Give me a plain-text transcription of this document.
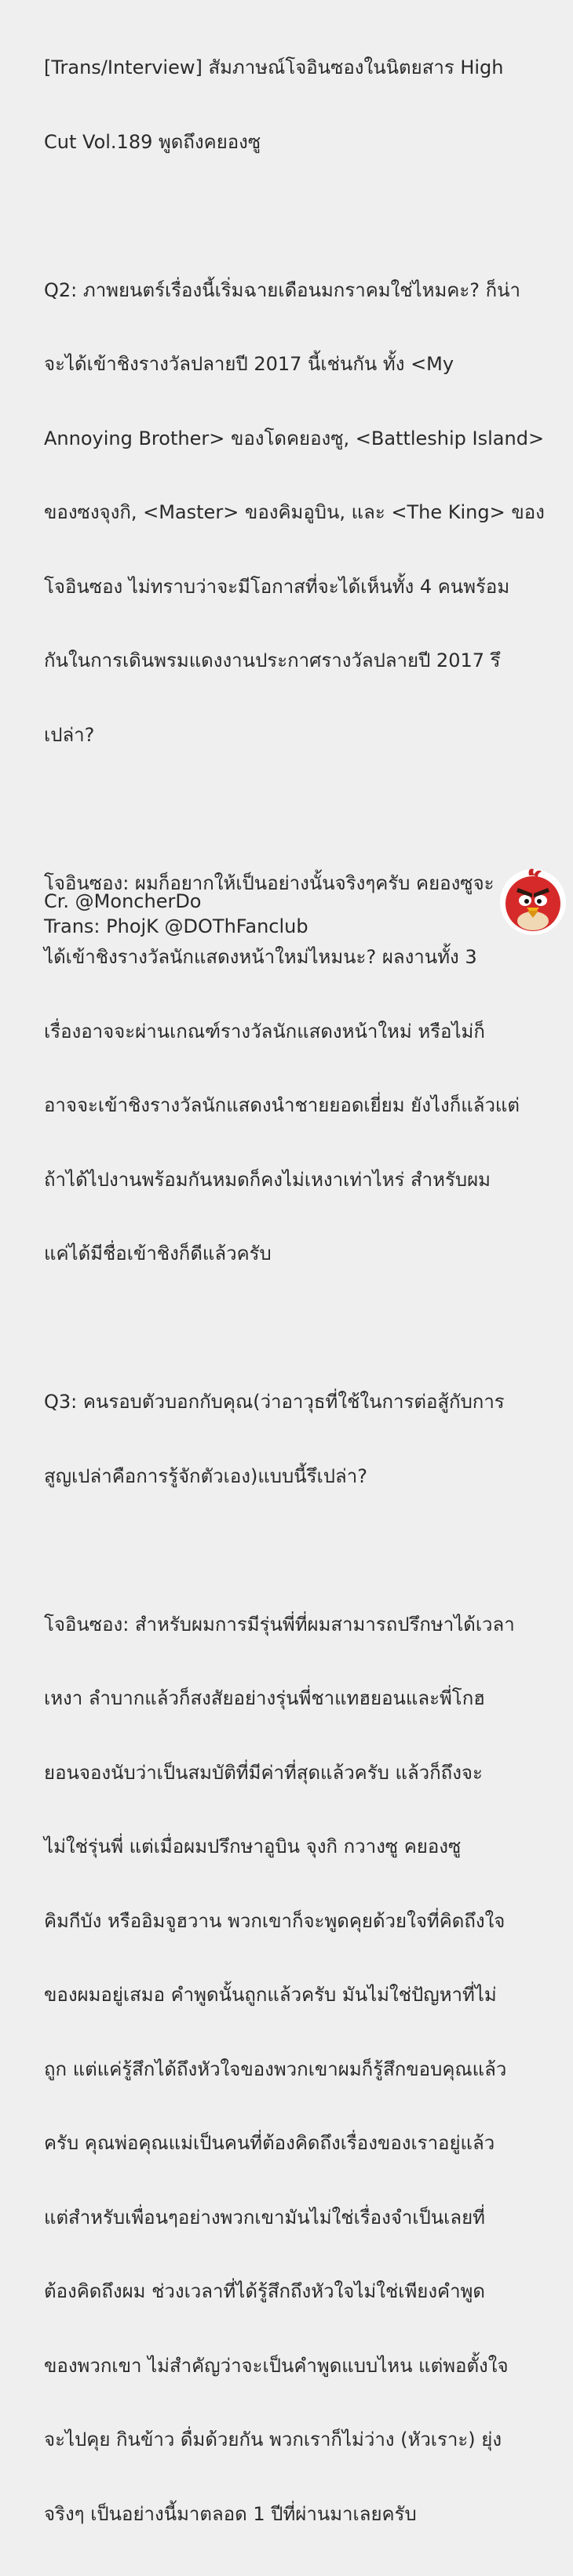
[Trans/Interview] สัมภาษณ์โจอินซองในนิตยสาร High

Cut Vol.189 พูดถึงคยองซู

Q2: ภาพยนตร์เรื่องนี้เริ่มฉายเดือนมกราคมใช่ไหมคะ? ก็น่า

จะได้เข้าชิงรางวัลปลายปี 2017 นี้เช่นกัน ทั้ง <My

Annoying Brother> ของโดคยองซู, <Battleship Island>

ของซงจุงกิ, <Master> ของคิมอูบิน, และ <The King> ของ

โจอินซอง ไม่ทราบว่าจะมีโอกาสที่จะได้เห็นทั้ง 4 คนพร้อม

กันในการเดินพรมแดงงานประกาศรางวัลปลายปี 2017 รึ

เปล่า?

โจอินซอง: ผมก็อยากให้เป็นอย่างนั้นจริงๆครับ คยองซูจะ

ได้เข้าชิงรางวัลนักแสดงหน้าใหม่ไหมนะ? ผลงานทั้ง 3

เรื่องอาจจะผ่านเกณฑ์รางวัลนักแสดงหน้าใหม่ หรือไม่ก็

อาจจะเข้าชิงรางวัลนักแสดงนำชายยอดเยี่ยม ยังไงก็แล้วแต่

ถ้าได้ไปงานพร้อมกันหมดก็คงไม่เหงาเท่าไหร่ สำหรับผม

แค่ได้มีชื่อเข้าชิงก็ดีแล้วครับ

Q3: คนรอบตัวบอกกับคุณ(ว่าอาวุธที่ใช้ในการต่อสู้กับการ

สูญเปล่าคือการรู้จักตัวเอง)แบบนี้รึเปล่า?

โจอินซอง: สำหรับผมการมีรุ่นพี่ที่ผมสามารถปรึกษาได้เวลา

เหงา ลำบากแล้วก็สงสัยอย่างรุ่นพี่ชาแทฮยอนและพี่โกฮ

ยอนจองนับว่าเป็นสมบัติที่มีค่าที่สุดแล้วครับ แล้วก็ถึงจะ

ไม่ใช่รุ่นพี่ แต่เมื่อผมปรึกษาอูบิน จุงกิ กวางซู คยองซู

คิมกีบัง หรืออิมจูฮวาน พวกเขาก็จะพูดคุยด้วยใจที่คิดถึงใจ

ของผมอยู่เสมอ คำพูดนั้นถูกแล้วครับ มันไม่ใช่ปัญหาที่ไม่

ถูก แต่แค่รู้สึกได้ถึงหัวใจของพวกเขาผมก็รู้สึกขอบคุณแล้ว

ครับ คุณพ่อคุณแม่เป็นคนที่ต้องคิดถึงเรื่องของเราอยู่แล้ว

แต่สำหรับเพื่อนๆอย่างพวกเขามันไม่ใช่เรื่องจำเป็นเลยที่

ต้องคิดถึงผม ช่วงเวลาที่ได้รู้สึกถึงหัวใจไม่ใช่เพียงคำพูด

ของพวกเขา ไม่สำคัญว่าจะเป็นคำพูดแบบไหน แต่พอตั้งใจ

จะไปคุย กินข้าว ดื่มด้วยกัน พวกเราก็ไม่ว่าง (หัวเราะ) ยุ่ง

จริงๆ เป็นอย่างนี้มาตลอด 1 ปีที่ผ่านมาเลยครับ

Cr. @MoncherDo
Trans: PhojK @DOThFanclub
